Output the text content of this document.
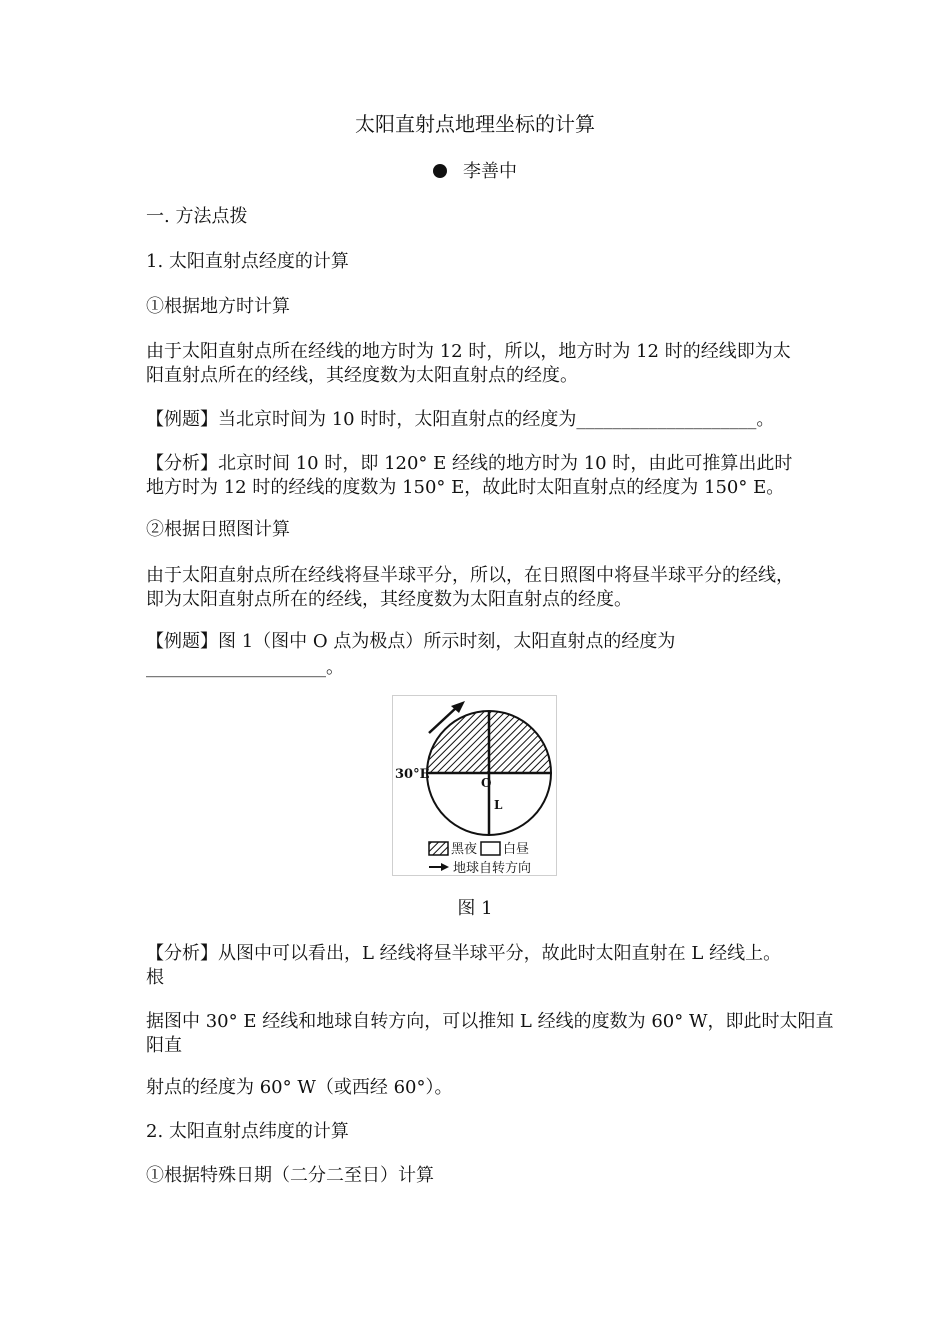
太阳直射点地理坐标的计算
李善中
一. 方法点拨
1. 太阳直射点经度的计算
①根据地方时计算
由于太阳直射点所在经线的地方时为 12 时，所以，地方时为 12 时的经线即为太
阳直射点所在的经线，其经度数为太阳直射点的经度。
【例题】当北京时间为 10 时时，太阳直射点的经度为____________________。
【分析】北京时间 10 时，即 120° E 经线的地方时为 10 时，由此可推算出此时
地方时为 12 时的经线的度数为 150° E，故此时太阳直射点的经度为 150° E。
②根据日照图计算
由于太阳直射点所在经线将昼半球平分，所以，在日照图中将昼半球平分的经线，
即为太阳直射点所在的经线，其经度数为太阳直射点的经度。
【例题】图 1（图中 O 点为极点）所示时刻，太阳直射点的经度为
____________________。
30°E
O
L
黑夜 白昼
地球自转方向
图 1
【分析】从图中可以看出，L 经线将昼半球平分，故此时太阳直射在 L 经线上。
根
据图中 30° E 经线和地球自转方向，可以推知 L 经线的度数为 60° W，即此时太阳直
阳直
射点的经度为 60° W（或西经 60°）。
2. 太阳直射点纬度的计算
①根据特殊日期（二分二至日）计算
